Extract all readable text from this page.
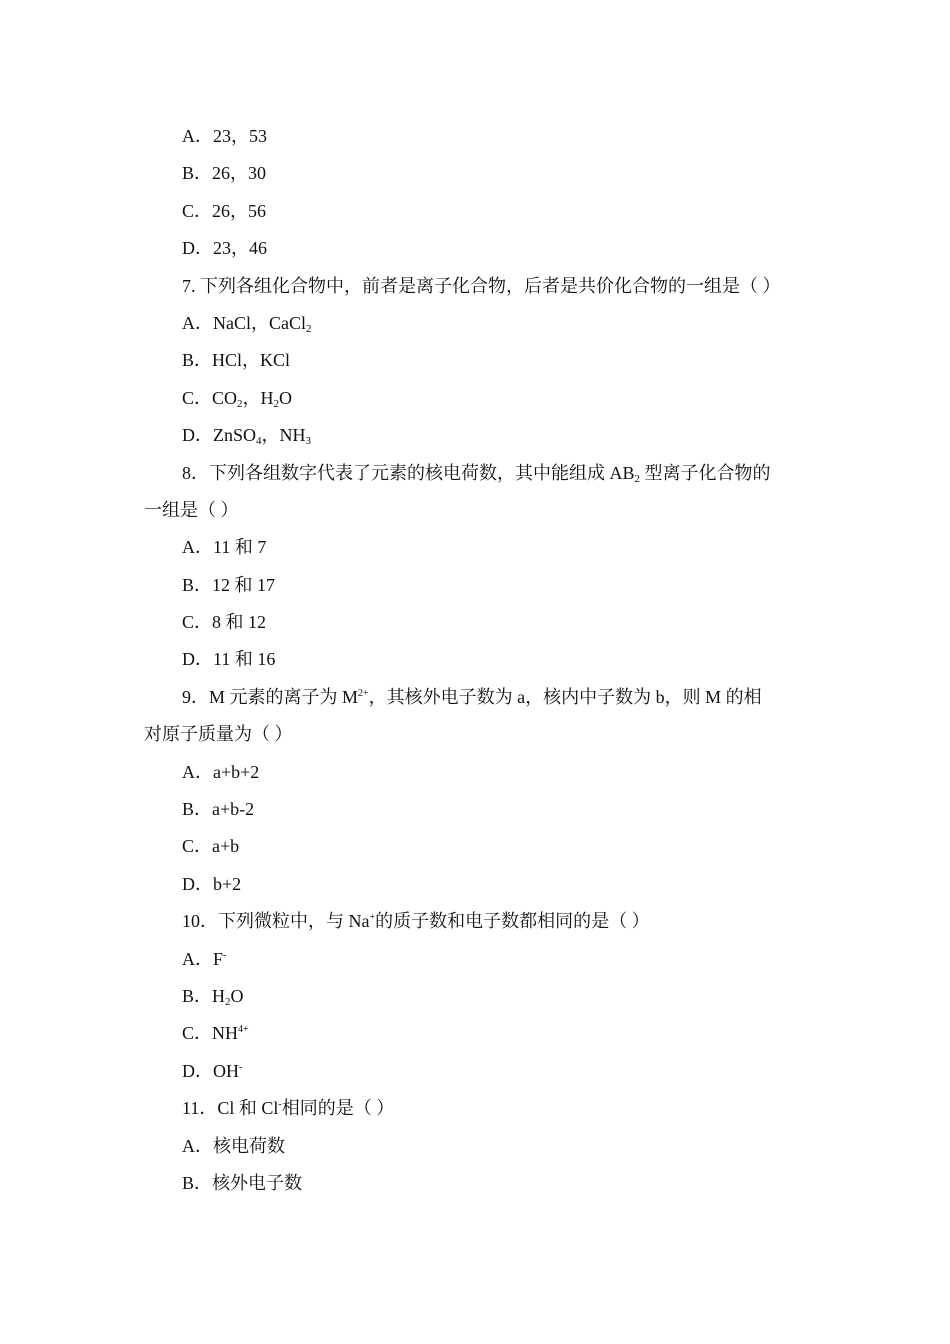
A．23，53
B．26，30
C．26，56
D．23，46
7. 下列各组化合物中，前者是离子化合物，后者是共价化合物的一组是（ ）
A．NaCl，CaCl$_2$
B．HCl，KCl
C．$CO_2$，$H_2O$
D．ZnSO$_4$，$NH_3$
8．下列各组数字代表了元素的核电荷数，其中能组成 $AB_2$ 型离子化合物的
一组是（ ）
A．11 和 7
B．12 和 17
C．8 和 12
D．11 和 16
9．M 元素的离子为 $M^{2+}$，其核外电子数为 a，核内中子数为 b，则 M 的相
对原子质量为（ ）
A．a+b+2
B．a+b-2
C．a+b
D．b+2
10．下列微粒中，与 Na+的质子数和电子数都相同的是（ ）
A．F-
B．$H_2O$
C．$NH^{4+}$
D．OH-
11．Cl 和 Cl-相同的是（ ）
A．核电荷数
B．核外电子数
